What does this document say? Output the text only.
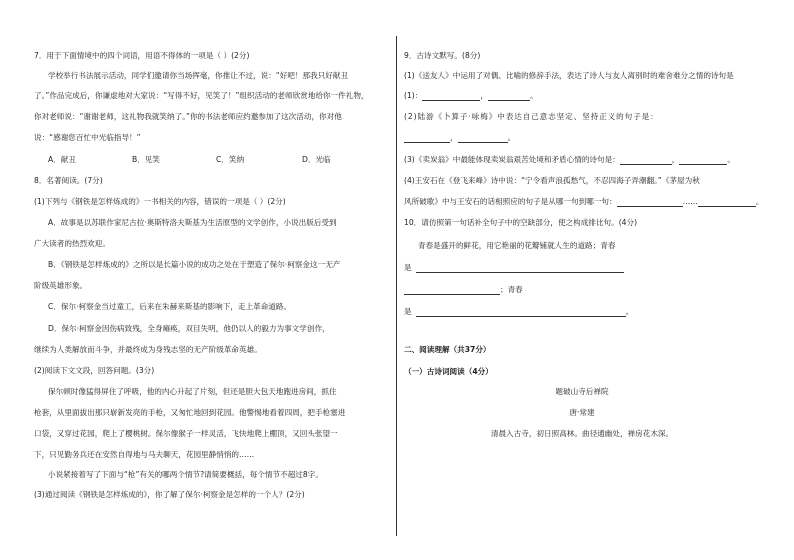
7．用于下面情境中的四个词语，用语不得体的一项是（ ）(2分)
学校举行书法展示活动，同学们邀请你当场挥毫，你推让不过，说：“好吧！那我只好献丑
了。”作品完成后，你谦虚地对大家说：“写得不好，见笑了！”组织活动的老师欣赏地给你一件礼物，
你对老师说：“谢谢老师，这礼物我就笑纳了。”你的书法老师应约邀参加了这次活动，你对他
说：“感谢您百忙中光临指导！”
A．献丑	B．见笑	C．笑纳	D．光临
8．名著阅读。(7分)
(1)下列与《钢铁是怎样炼成的》一书相关的内容，错误的一项是（ ）(2分)
A．故事是以苏联作家尼古拉·奥斯特洛夫斯基为生活原型的文学创作，小说出版后受到
广大读者的热烈欢迎。
B．《钢铁是怎样炼成的》之所以是长篇小说的成功之处在于塑造了保尔·柯察金这一无产
阶级英雄形象。
C．保尔·柯察金当过童工，后来在朱赫来斯基的影响下，走上革命道路。
D．保尔·柯察金因伤病致残，全身瘫痪，双目失明，他仍以人的毅力为事文学创作，
继续为人类解放而斗争，并最终成为身残志坚的无产阶级革命英雄。
(2)阅读下文文段，回答问题。(3分)
保尔顿时像猛得屏住了呼吸，他的内心升起了片刻，但还是胆大包天地跑进房间，抓住
枪套，从里面拔出那只崭新发亮的手枪，又匆忙地回到花园。他警惕地看着四周，把手枪塞进
口袋，又穿过花园，爬上了樱桃树。保尔像猴子一样灵活，飞快地爬上棚顶，又回头张望一
下，只见勤务兵还在安然自得地与马夫聊天，花园里静悄悄的……
小说紧接着写了下面与“枪”有关的哪两个情节?请简要概括，每个情节不超过8字。
(3)通过阅读《钢铁是怎样炼成的》，你了解了保尔·柯察金是怎样的一个人？(2分)
9．古诗文默写。(8分)
(1)《送友人》中运用了对偶、比喻的修辞手法，表达了诗人与友人离别时的难舍难分之情的诗句是
(1)：	，	。
(2)陆游《卜算子·咏梅》中表达自己意志坚定、坚持正义的句子是：
，	。
(3)《卖炭翁》中最能体现卖炭翁艰苦处境和矛盾心情的诗句是：	，	。
(4)王安石在《登飞来峰》诗中说：“宁令看声浪孤愁气，不忍四海子弄潮翻。”《茅屋为秋
风所破歌》中与王安石的话相照应的句子是从哪一句到哪一句：	……	。
10．请仿照第一句话补全句子中的空缺部分，使之构成排比句。(4分)
青春是盛开的鲜花，用它艳丽的花瓣铺就人生的道路；青春
是
；青春
是	。
二、阅读理解（共37分）
（一）古诗词阅读（4分）
题破山寺后禅院
唐·常建
清晨入古寺，初日照高林。曲径通幽处，禅房花木深。
